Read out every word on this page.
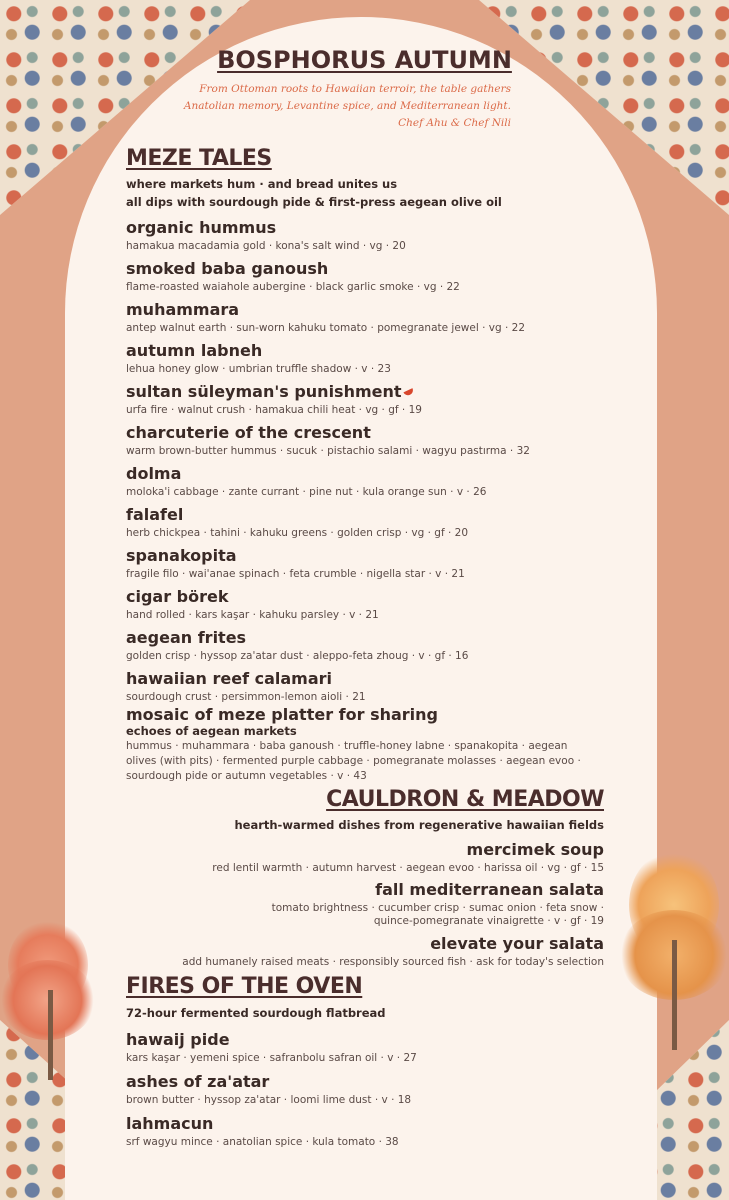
BOSPHORUS AUTUMN
From Ottoman roots to Hawaiian terroir, the table gathers
Anatolian memory, Levantine spice, and Mediterranean light.
Chef Ahu & Chef Nili
MEZE TALES
where markets hum · and bread unites us
all dips with sourdough pide & first-press aegean olive oil
organic hummus
hamakua macadamia gold · kona's salt wind · vg · 20
smoked baba ganoush
flame-roasted waiahole aubergine · black garlic smoke · vg · 22
muhammara
antep walnut earth · sun-worn kahuku tomato · pomegranate jewel · vg · 22
autumn labneh
lehua honey glow · umbrian truffle shadow · v · 23
sultan süleyman's punishment
urfa fire · walnut crush · hamakua chili heat · vg · gf · 19
charcuterie of the crescent
warm brown-butter hummus · sucuk · pistachio salami · wagyu pastırma · 32
dolma
moloka'i cabbage · zante currant · pine nut · kula orange sun · v · 26
falafel
herb chickpea · tahini · kahuku greens · golden crisp · vg · gf · 20
spanakopita
fragile filo · wai'anae spinach · feta crumble · nigella star · v · 21
cigar börek
hand rolled · kars kaşar · kahuku parsley · v · 21
aegean frites
golden crisp · hyssop za'atar dust · aleppo-feta zhoug · v · gf · 16
hawaiian reef calamari
sourdough crust · persimmon-lemon aioli · 21
mosaic of meze platter for sharing
echoes of aegean markets
hummus · muhammara · baba ganoush · truffle-honey labne · spanakopita · aegean
olives (with pits) · fermented purple cabbage · pomegranate molasses · aegean evoo ·
sourdough pide or autumn vegetables · v · 43
CAULDRON & MEADOW
hearth-warmed dishes from regenerative hawaiian fields
mercimek soup
red lentil warmth · autumn harvest · aegean evoo · harissa oil · vg · gf · 15
fall mediterranean salata
tomato brightness · cucumber crisp · sumac onion · feta snow ·
quince-pomegranate vinaigrette · v · gf · 19
elevate your salata
add humanely raised meats · responsibly sourced fish · ask for today's selection
FIRES OF THE OVEN
72-hour fermented sourdough flatbread
hawaij pide
kars kaşar · yemeni spice · safranbolu safran oil · v · 27
ashes of za'atar
brown butter · hyssop za'atar · loomi lime dust · v · 18
lahmacun
srf wagyu mince · anatolian spice · kula tomato · 38
